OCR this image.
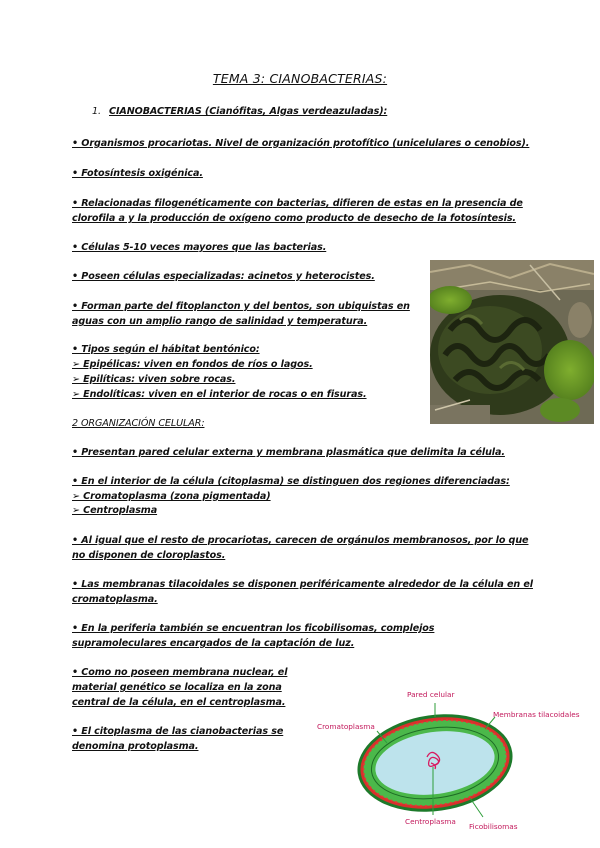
TEMA 3: CIANOBACTERIAS:
1. CIANOBACTERIAS (Cianófitas, Algas verdeazuladas):
• Organismos procariotas. Nivel de organización protofítico (unicelulares o cenobios).
• Fotosíntesis oxigénica.
• Relacionadas filogenéticamente con bacterias, difieren de estas en la presencia de
clorofila a y la producción de oxígeno como producto de desecho de la fotosíntesis.
• Células 5-10 veces mayores que las bacterias.
• Poseen células especializadas: acinetos y heterocistes.
• Forman parte del fitoplancton y del bentos, son ubiquistas en
aguas con un amplio rango de salinidad y temperatura.
• Tipos según el hábitat bentónico:
➢ Epipélicas: viven en fondos de ríos o lagos.
➢ Epilíticas: viven sobre rocas.
➢ Endolíticas: viven en el interior de rocas o en fisuras.
2 ORGANIZACIÓN CELULAR:
• Presentan pared celular externa y membrana plasmática que delimita la célula.
• En el interior de la célula (citoplasma) se distinguen dos regiones diferenciadas:
➢ Cromatoplasma (zona pigmentada)
➢ Centroplasma
• Al igual que el resto de procariotas, carecen de orgánulos membranosos, por lo que
no disponen de cloroplastos.
• Las membranas tilacoidales se disponen periféricamente alrededor de la célula en el
cromatoplasma.
• En la periferia también se encuentran los ficobilisomas, complejos
supramoleculares encargados de la captación de luz.
• Como no poseen membrana nuclear, el
material genético se localiza en la zona
central de la célula, en el centroplasma.
• El citoplasma de las cianobacterias se
denomina protoplasma.
Pared celular
Membranas tilacoidales
Cromatoplasma
Centroplasma
Ficobilisomas
